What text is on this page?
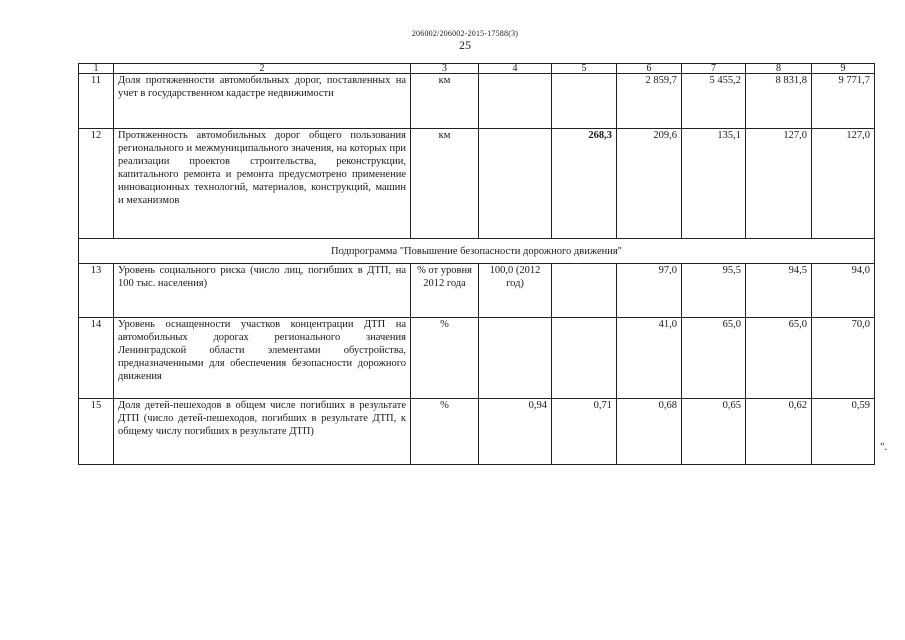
206002/206002-2015-17588(3)
25
1	2	3	4	5	6	7	8	9
11	Доля протяженности автомобильных дорог, поставленных на учет в государственном кадастре недвижимости	км			2 859,7	5 455,2	8 831,8	9 771,7
12	Протяженность автомобильных дорог общего пользования регионального и межмуниципального значения, на которых при реализации проектов строительства, реконструкции, капитального ремонта и ремонта предусмотрено применение инновационных технологий, материалов, конструкций, машин и механизмов	км		268,3	209,6	135,1	127,0	127,0
Подпрограмма "Повышение безопасности дорожного движения"								
13	Уровень социального риска (число лиц, погибших в ДТП, на 100 тыс. населения)	% от уровня 2012 года	100,0 (2012 год)		97,0	95,5	94,5	94,0
14	Уровень оснащенности участков концентрации ДТП на автомобильных дорогах регионального значения Ленинградской области элементами обустройства, предназначенными для обеспечения безопасности дорожного движения	%			41,0	65,0	65,0	70,0
15	Доля детей-пешеходов в общем числе погибших в результате ДТП (число детей-пешеходов, погибших в результате ДТП, к общему числу погибших в результате ДТП)	%	0,94	0,71	0,68	0,65	0,62	0,59
".
